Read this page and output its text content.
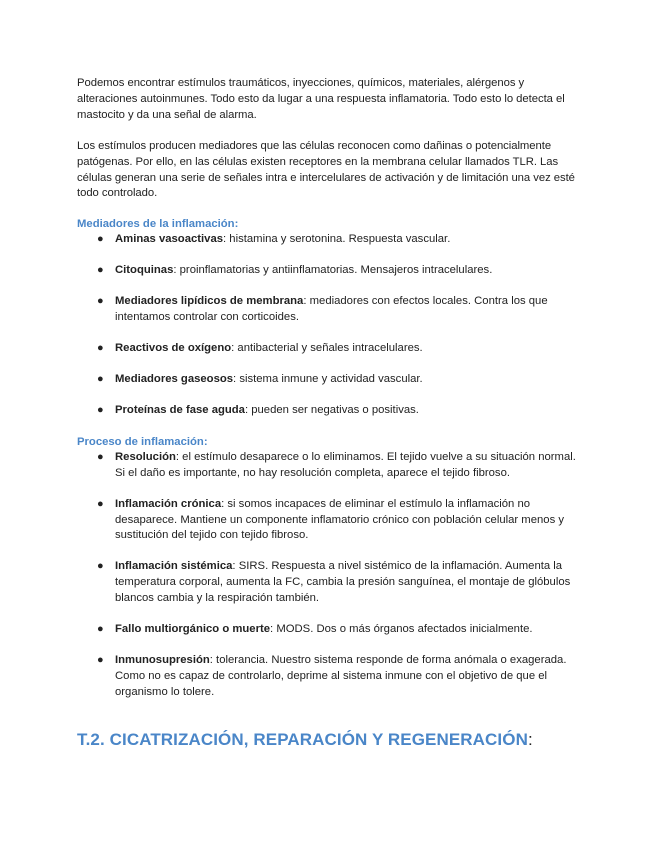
Podemos encontrar estímulos traumáticos, inyecciones, químicos, materiales, alérgenos y alteraciones autoinmunes. Todo esto da lugar a una respuesta inflamatoria. Todo esto lo detecta el mastocito y da una señal de alarma.

Los estímulos producen mediadores que las células reconocen como dañinas o potencialmente patógenas. Por ello, en las células existen receptores en la membrana celular llamados TLR. Las células generan una serie de señales intra e intercelulares de activación y de limitación una vez esté todo controlado.

Mediadores de la inflamación:

● Aminas vasoactivas: histamina y serotonina. Respuesta vascular.
● Citoquinas: proinflamatorias y antiinflamatorias. Mensajeros intracelulares.
● Mediadores lipídicos de membrana: mediadores con efectos locales. Contra los que intentamos controlar con corticoides.
● Reactivos de oxígeno: antibacterial y señales intracelulares.
● Mediadores gaseosos: sistema inmune y actividad vascular.
● Proteínas de fase aguda: pueden ser negativas o positivas.

Proceso de inflamación:

● Resolución: el estímulo desaparece o lo eliminamos. El tejido vuelve a su situación normal. Si el daño es importante, no hay resolución completa, aparece el tejido fibroso.
● Inflamación crónica: si somos incapaces de eliminar el estímulo la inflamación no desaparece. Mantiene un componente inflamatorio crónico con población celular menos y sustitución del tejido con tejido fibroso.
● Inflamación sistémica: SIRS. Respuesta a nivel sistémico de la inflamación. Aumenta la temperatura corporal, aumenta la FC, cambia la presión sanguínea, el montaje de glóbulos blancos cambia y la respiración también.
● Fallo multiorgánico o muerte: MODS. Dos o más órganos afectados inicialmente.
● Inmunosupresión: tolerancia. Nuestro sistema responde de forma anómala o exagerada. Como no es capaz de controlarlo, deprime al sistema inmune con el objetivo de que el organismo lo tolere.
T.2. CICATRIZACIÓN, REPARACIÓN Y REGENERACIÓN:
